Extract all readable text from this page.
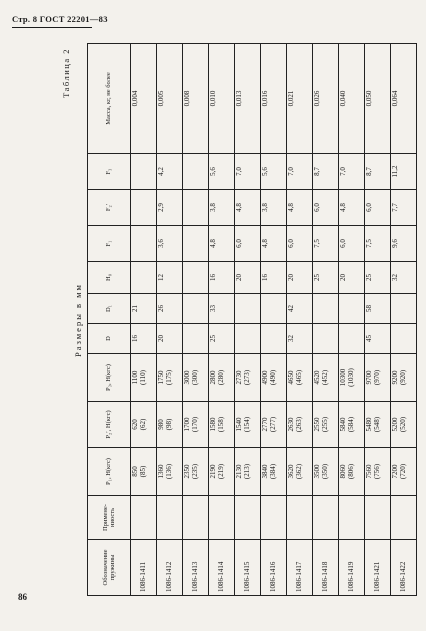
Стр. 8 ГОСТ 22201—83
Таблица 2
Размеры в мм
Обозначение пружины	Примене-ниость	P₁, Н(кгс)	P₂′, Н(кгс)	P₃, Н(кгс)	D	D₁	H₀	F₁	F₂′	F₃	Масса, кг, не более
1086-1411		850 (85)	620 (62)	1100 (110)	16	21					0,004
1086-1412		1360 (136)	980 (98)	1750 (175)	20	26	12	3,6	2,9	4,2	0,005
1086-1413		2350 (235)	1700 (170)	3000 (300)							0,008
1086-1414		2190 (219)	1580 (158)	2800 (280)	25	33	16	4,8	3,8	5,6	0,010
1086-1415		2130 (213)	1540 (154)	2730 (273)			20	6,0	4,8	7,0	0,013
1086-1416		3840 (384)	2770 (277)	4900 (490)			16	4,8	3,8	5,6	0,016
1086-1417		3620 (362)	2630 (263)	4650 (465)	32	42	20	6,0	4,8	7,0	0,021
1086-1418		3500 (350)	2550 (255)	4520 (452)			25	7,5	6,0	8,7	0,026
1086-1419		8060 (806)	5840 (584)	10300 (1030)			20	6,0	4,8	7,0	0,040
1086-1421		7560 (756)	5480 (548)	9700 (970)	45	58	25	7,5	6,0	8,7	0,050
1086-1422		7200 (720)	5200 (520)	9200 (920)			32	9,6	7,7	11,2	0,064
86
